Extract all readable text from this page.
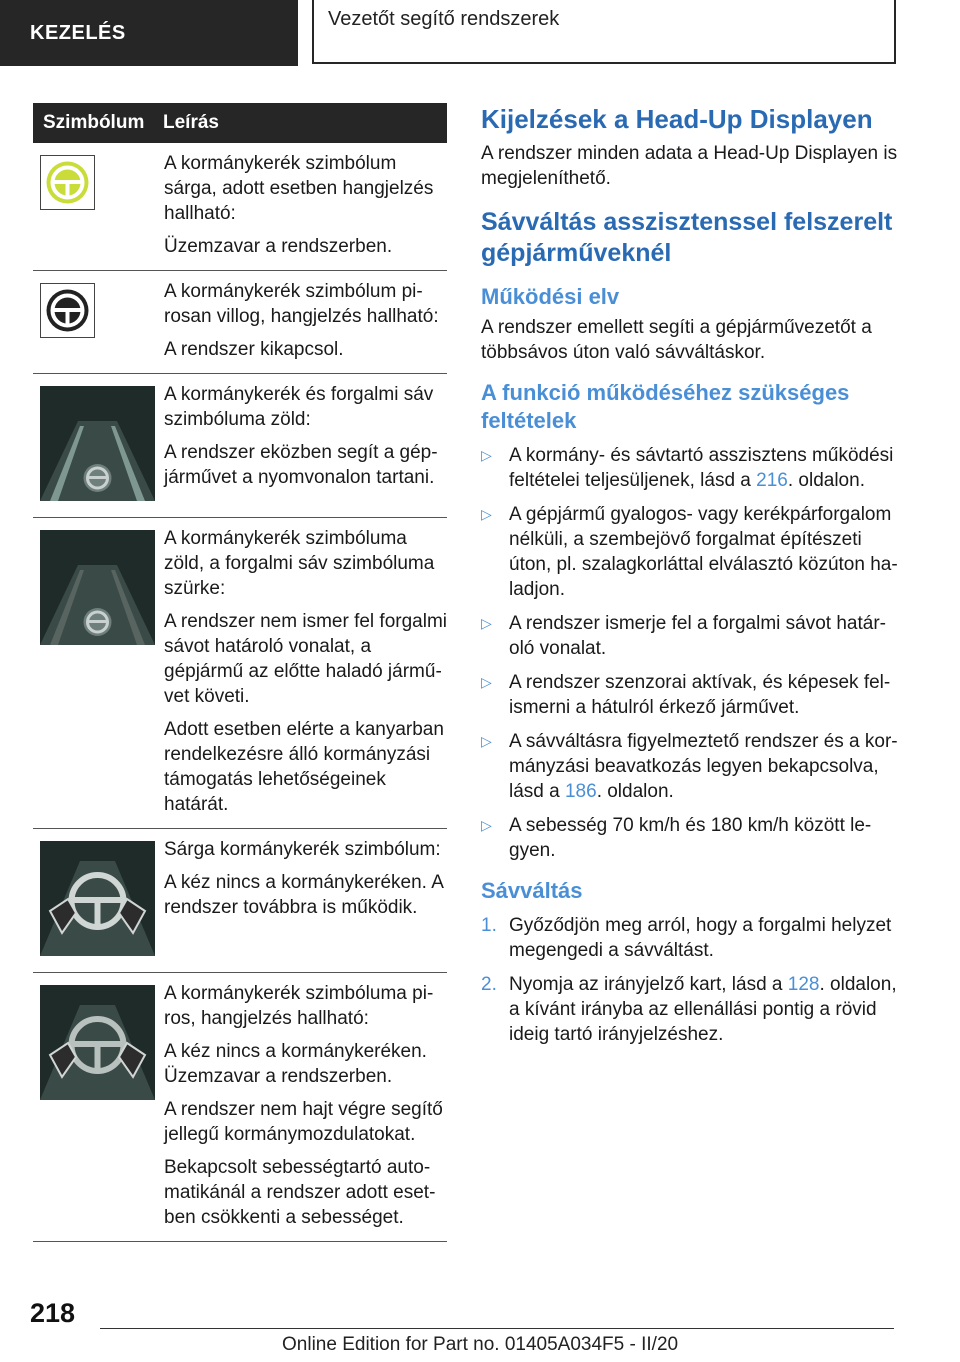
KEZELÉS
Vezetőt segítő rendszerek
Szimbólum Leírás

A kormánykerék szimbólum sárga, adott esetben hangjelzés hallható:

Üzemzavar a rendszerben.

A kormánykerék szimbólum pirosan villog, hangjelzés hallható:

A rendszer kikapcsol.

A kormánykerék és forgalmi sáv szimbóluma zöld:

A rendszer eközben segít a gépjárművet a nyomvonalon tartani.

A kormánykerék szimbóluma zöld, a forgalmi sáv szimbóluma szürke:

A rendszer nem ismer fel forgalmi sávot határoló vonalat, a gépjármű az előtte haladó járművet követi.

Adott esetben elérte a kanyarban rendelkezésre álló kormányzási támogatás lehetőségeinek határát.

Sárga kormánykerék szimbólum:

A kéz nincs a kormánykeréken. A rendszer továbbra is működik.

A kormánykerék szimbóluma piros, hangjelzés hallható:

A kéz nincs a kormánykeréken. Üzemzavar a rendszerben.

A rendszer nem hajt végre segítő jellegű kormánymozdulatokat.

Bekapcsolt sebességtartó automatikánál a rendszer adott esetben csökkenti a sebességet.

Kijelzések a Head-Up Displayen

A rendszer minden adata a Head-Up Displayen is megjeleníthető.

Sávváltás asszisztenssel felszerelt gépjárműveknél
Működési elv

A rendszer emellett segíti a gépjárművezetőt a többsávos úton való sávváltáskor.

A funkció működéséhez szükséges feltételek
▷ A kormány- és sávtartó asszisztens működési feltételei teljesüljenek, lásd a 216. oldalon.
▷ A gépjármű gyalogos- vagy kerékpárforgalom nélküli, a szembejövő forgalmat építészeti úton, pl. szalagkorláttal elválasztó közúton haladjon.
▷ A rendszer ismerje fel a forgalmi sávot határoló vonalat.
▷ A rendszer szenzorai aktívak, és képesek felismerni a hátulról érkező járművet.
▷ A sávváltásra figyelmeztető rendszer és a kormányzási beavatkozás legyen bekapcsolva, lásd a 186. oldalon.
▷ A sebesség 70 km/h és 180 km/h között legyen.
Sávváltás
1. Győződjön meg arról, hogy a forgalmi helyzet megengedi a sávváltást.
2. Nyomja az irányjelző kart, lásd a 128. oldalon, a kívánt irányba az ellenállási pontig a rövid ideig tartó irányjelzéshez.
218
Online Edition for Part no. 01405A034F5 - II/20
